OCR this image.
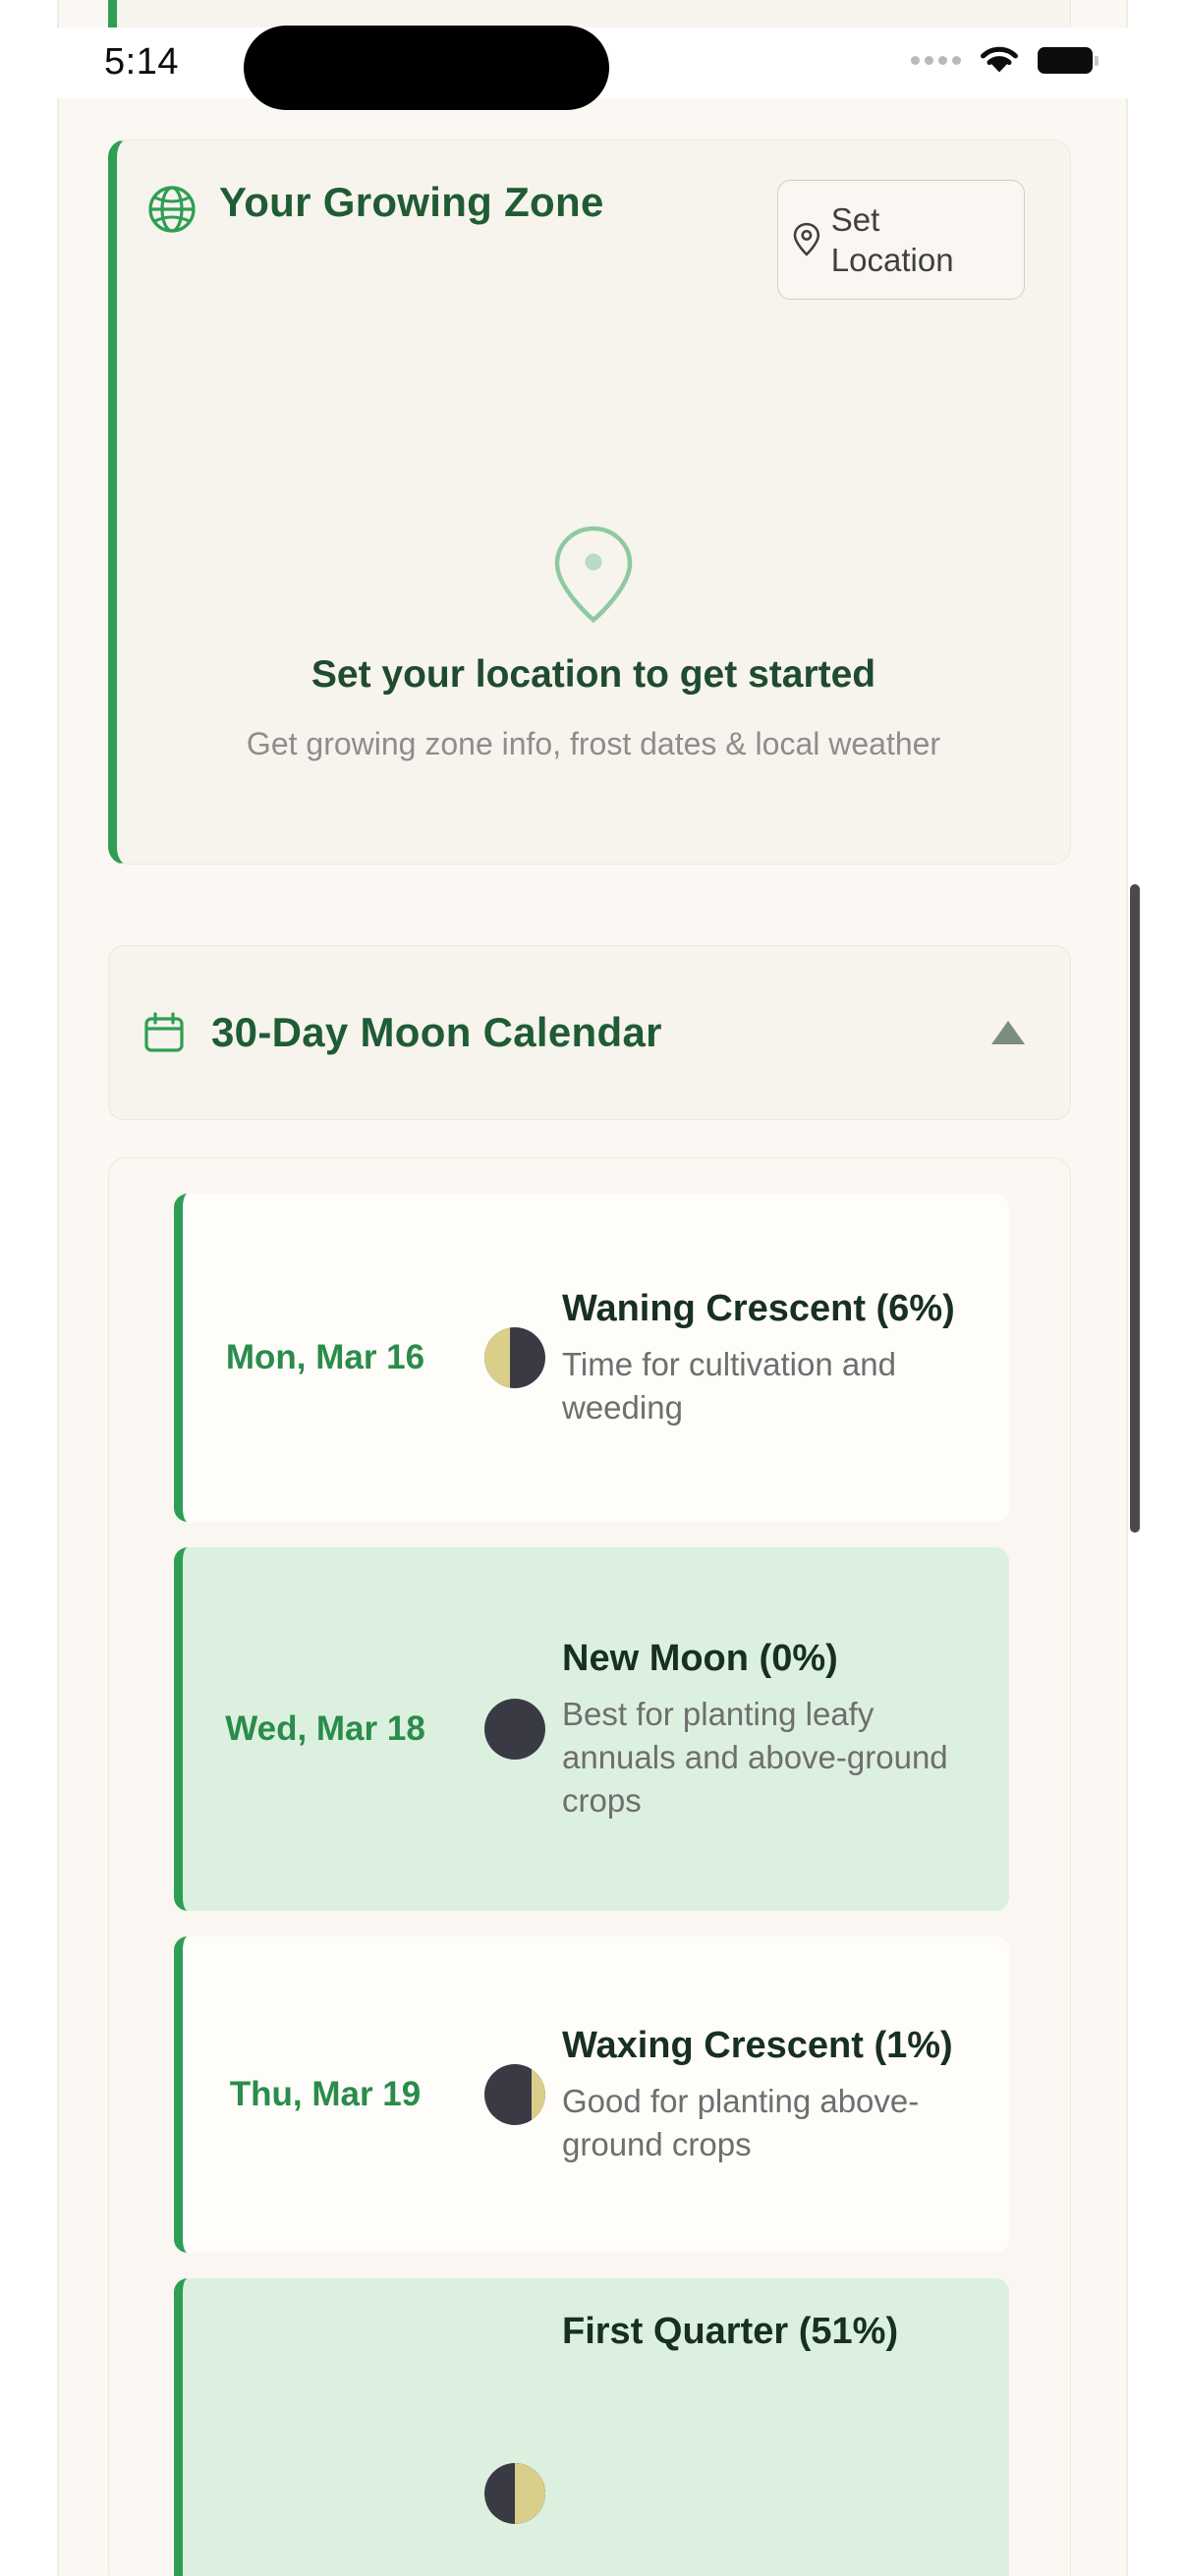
5:14
Your Growing Zone	Set Location
Set your location to get started
Get growing zone info, frost dates & local weather
30-Day Moon Calendar
Mon, Mar 16
Waning Crescent (6%)
Time for cultivation and weeding
Wed, Mar 18
New Moon (0%)
Best for planting leafy annuals and above-ground crops
Thu, Mar 19
Waxing Crescent (1%)
Good for planting above-ground crops
First Quarter (51%)
